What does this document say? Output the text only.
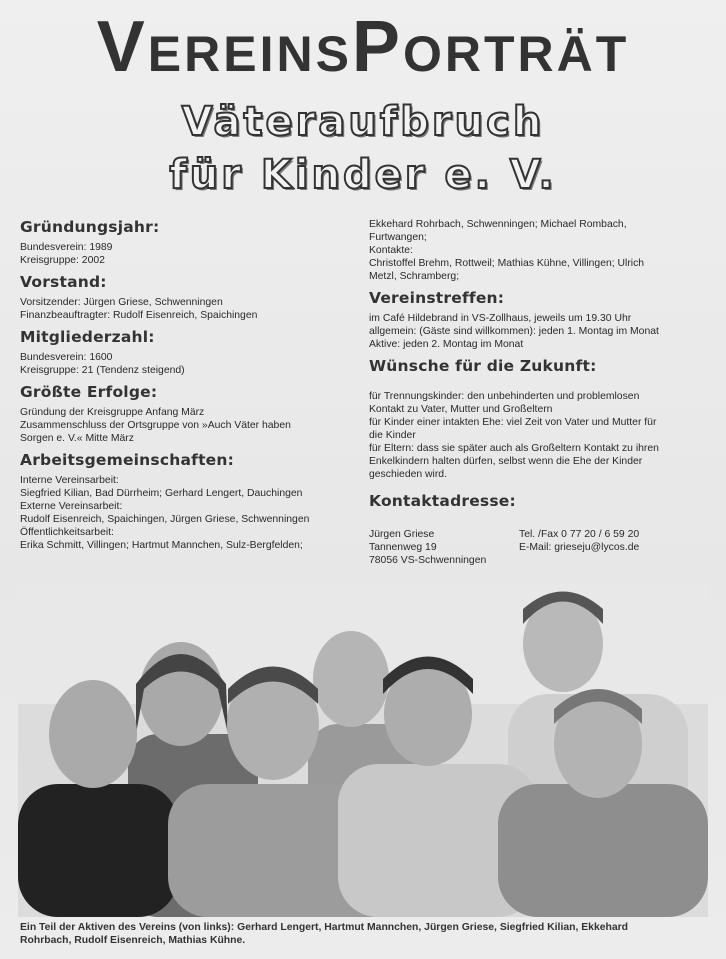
VereinsPorträt
Väteraufbruch
für Kinder e. V.
Gründungsjahr:
Bundesverein: 1989
Kreisgruppe: 2002
Vorstand:
Vorsitzender: Jürgen Griese, Schwenningen
Finanzbeauftragter: Rudolf Eisenreich, Spaichingen
Mitgliederzahl:
Bundesverein: 1600
Kreisgruppe: 21 (Tendenz steigend)
Größte Erfolge:
Gründung der Kreisgruppe Anfang März
Zusammenschluss der Ortsgruppe von »Auch Väter haben
Sorgen e. V.« Mitte März
Arbeitsgemeinschaften:
Interne Vereinsarbeit:
Siegfried Kilian, Bad Dürrheim; Gerhard Lengert, Dauchingen
Externe Vereinsarbeit:
Rudolf Eisenreich, Spaichingen, Jürgen Griese, Schwenningen
Öffentlichkeitsarbeit:
Erika Schmitt, Villingen; Hartmut Mannchen, Sulz-Bergfelden;
Ekkehard Rohrbach, Schwenningen; Michael Rombach,
Furtwangen;
Kontakte:
Christoffel Brehm, Rottweil; Mathias Kühne, Villingen; Ulrich
Metzl, Schramberg;
Vereinstreffen:
im Café Hildebrand in VS-Zollhaus, jeweils um 19.30 Uhr
allgemein: (Gäste sind willkommen): jeden 1. Montag im Monat
Aktive: jeden 2. Montag im Monat
Wünsche für die Zukunft:
für Trennungskinder: den unbehinderten und problemlosen
Kontakt zu Vater, Mutter und Großeltern
für Kinder einer intakten Ehe: viel Zeit von Vater und Mutter für
die Kinder
für Eltern: dass sie später auch als Großeltern Kontakt zu ihren
Enkelkindern halten dürfen, selbst wenn die Ehe der Kinder
geschieden wird.
Kontaktadresse:
Jürgen Griese
Tannenweg 19
78056 VS-Schwenningen
Tel. /Fax 0 77 20 / 6 59 20
E-Mail: grieseju@lycos.de
Ein Teil der Aktiven des Vereins (von links): Gerhard Lengert, Hartmut Mannchen, Jürgen Griese, Siegfried Kilian, Ekkehard
Rohrbach, Rudolf Eisenreich, Mathias Kühne.
